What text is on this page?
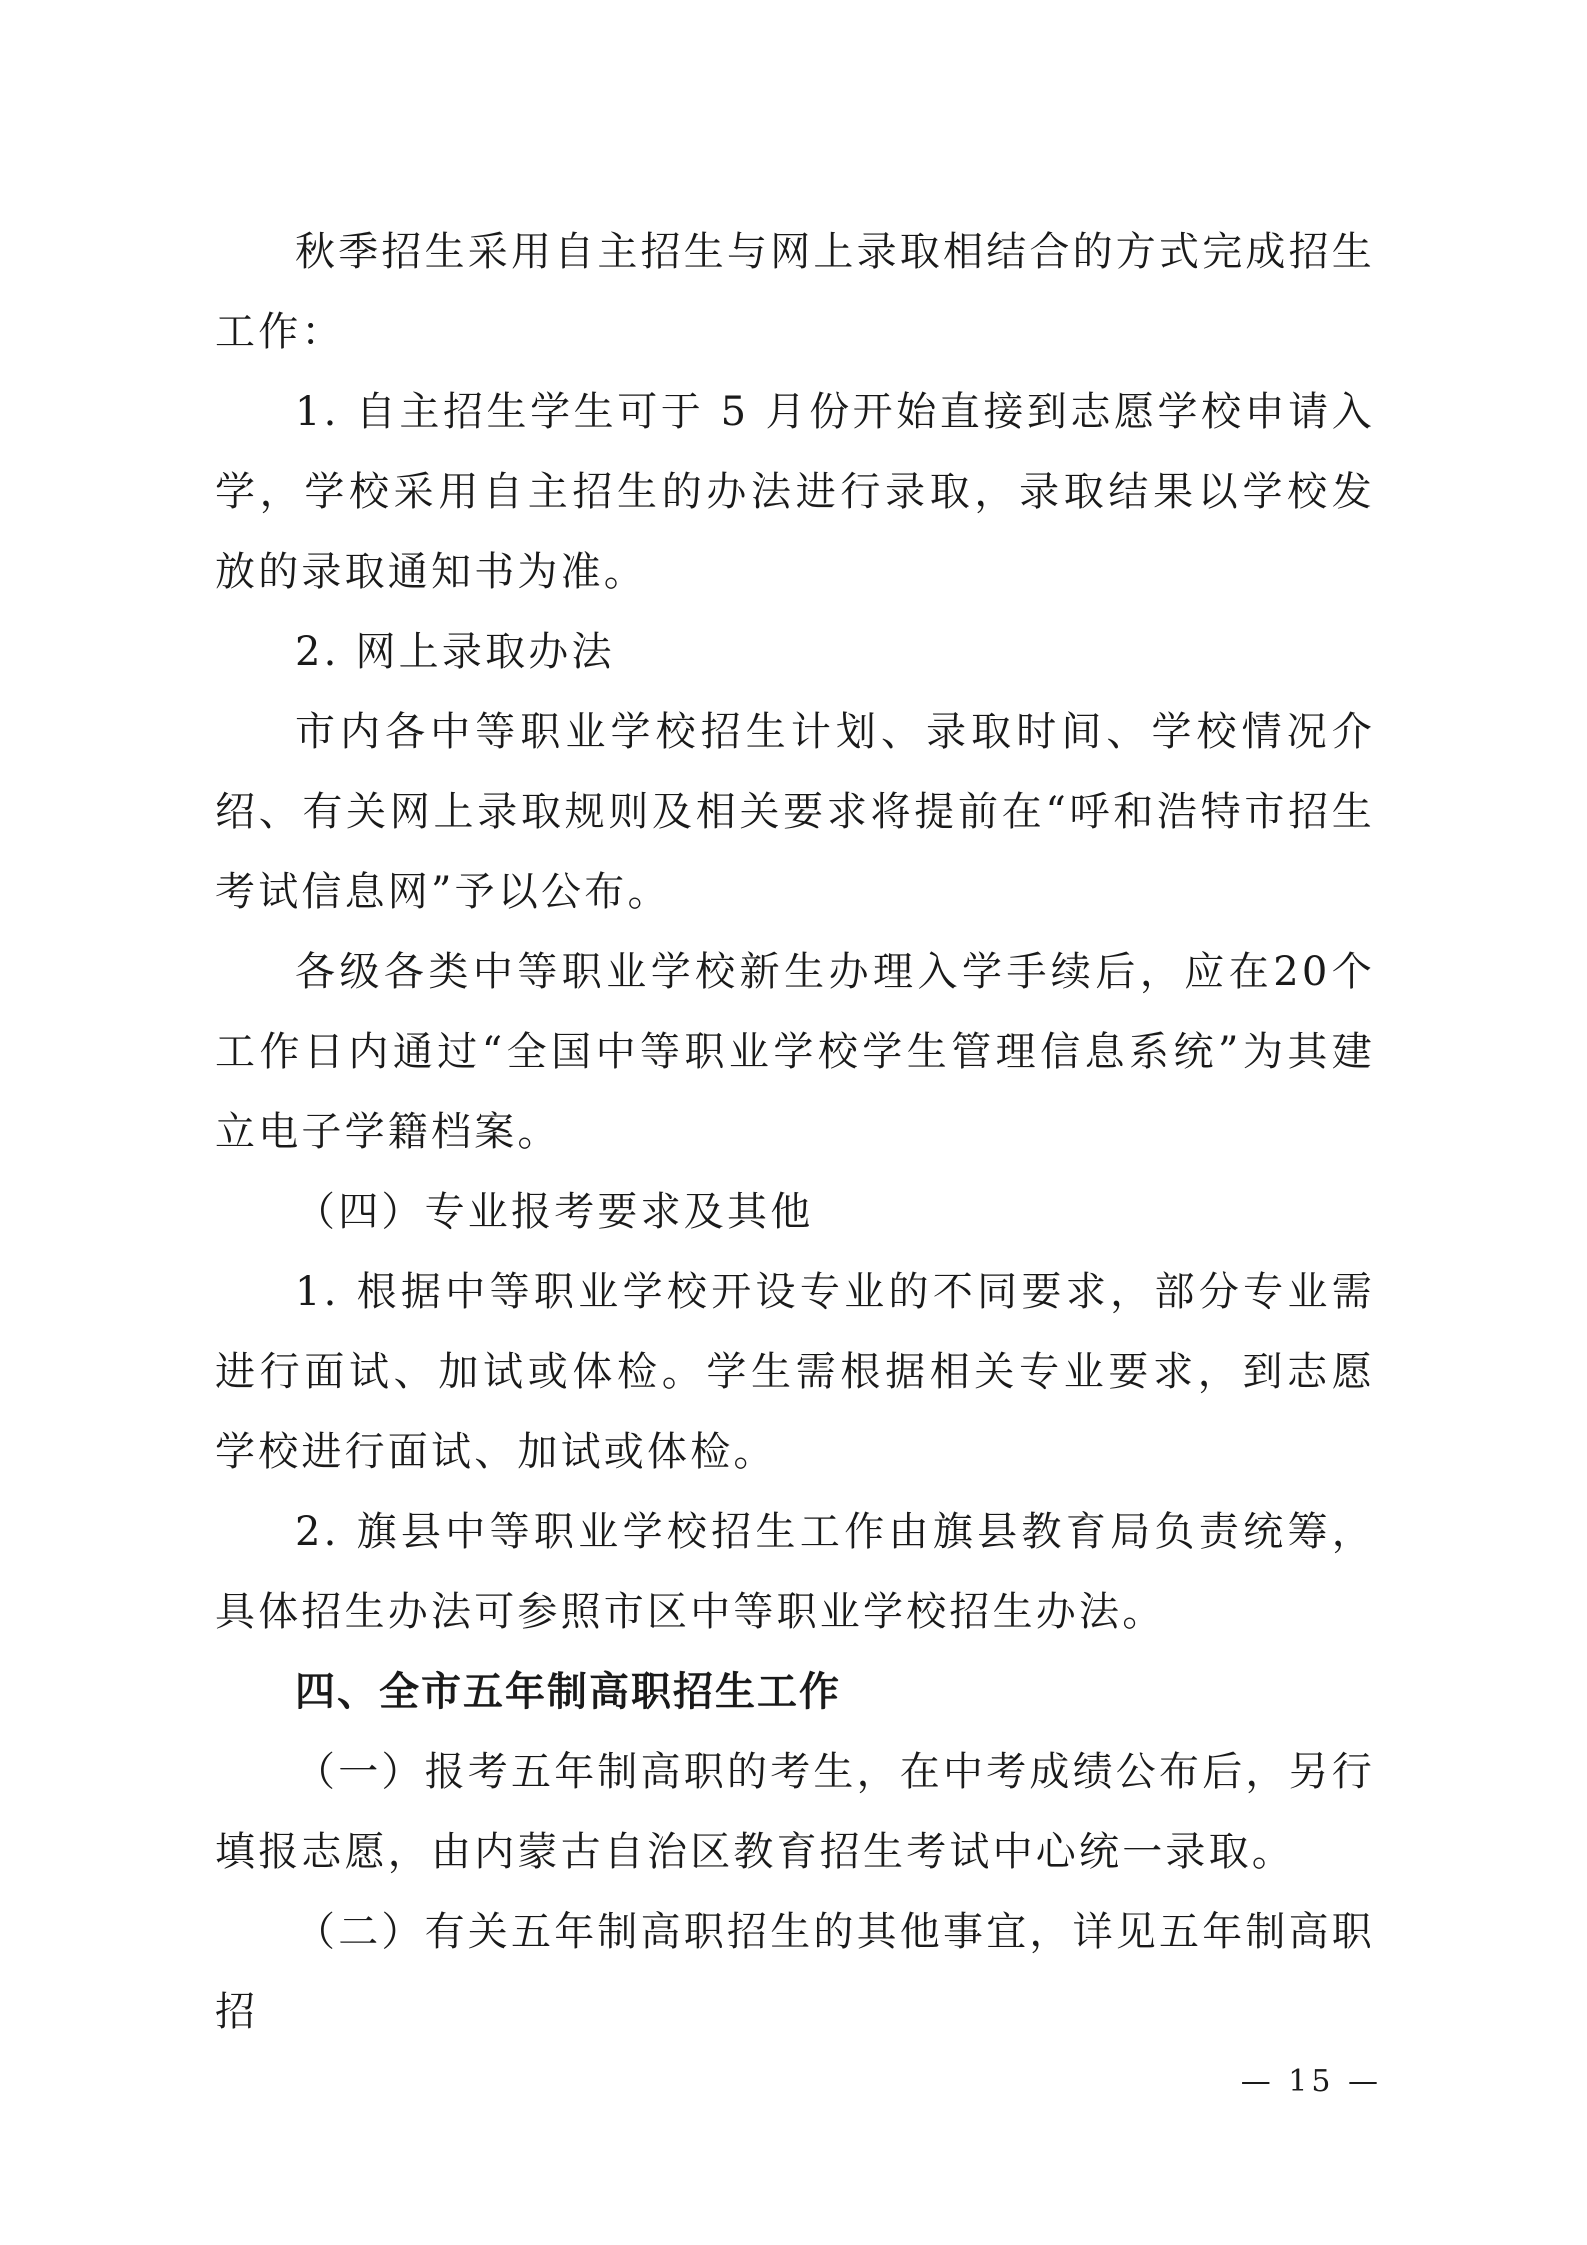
秋季招生采用自主招生与网上录取相结合的方式完成招生工作：

1. 自主招生学生可于 5 月份开始直接到志愿学校申请入学，学校采用自主招生的办法进行录取，录取结果以学校发放的录取通知书为准。

2. 网上录取办法

市内各中等职业学校招生计划、录取时间、学校情况介绍、有关网上录取规则及相关要求将提前在“呼和浩特市招生考试信息网”予以公布。

各级各类中等职业学校新生办理入学手续后，应在20个工作日内通过“全国中等职业学校学生管理信息系统”为其建立电子学籍档案。

（四）专业报考要求及其他

1. 根据中等职业学校开设专业的不同要求，部分专业需进行面试、加试或体检。学生需根据相关专业要求，到志愿学校进行面试、加试或体检。

2. 旗县中等职业学校招生工作由旗县教育局负责统筹，具体招生办法可参照市区中等职业学校招生办法。

四、全市五年制高职招生工作

（一）报考五年制高职的考生，在中考成绩公布后，另行填报志愿，由内蒙古自治区教育招生考试中心统一录取。

（二）有关五年制高职招生的其他事宜，详见五年制高职招

— 15 —
